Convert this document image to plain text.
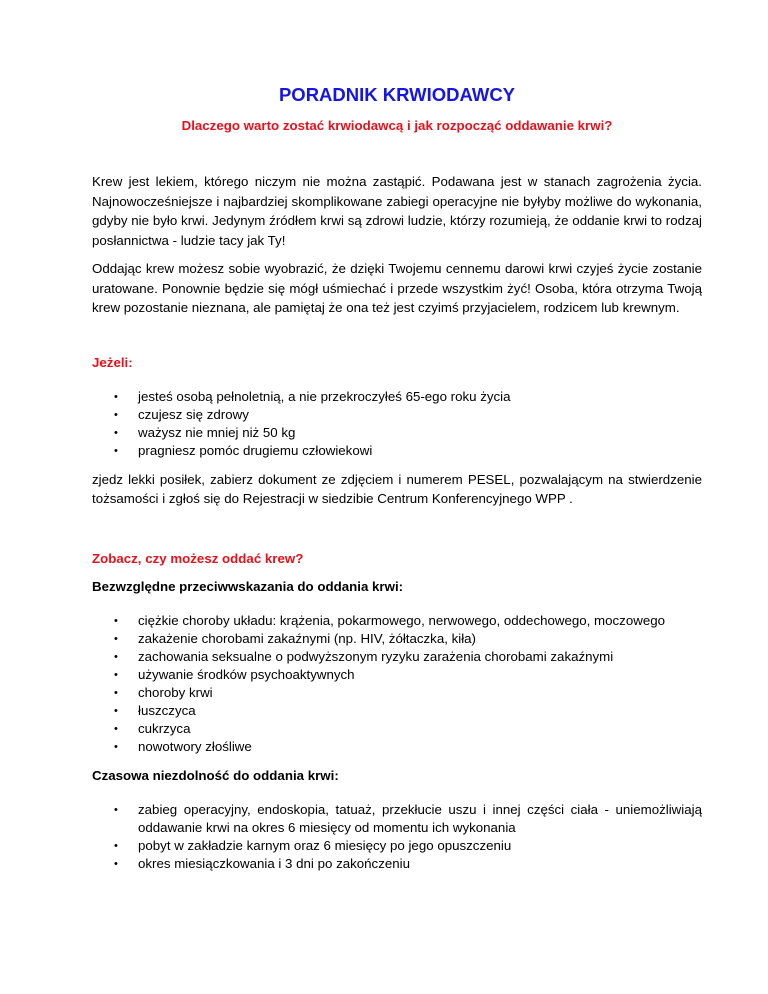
PORADNIK KRWIODAWCY
Dlaczego warto zostać krwiodawcą i jak rozpocząć oddawanie krwi?

Krew jest lekiem, którego niczym nie można zastąpić. Podawana jest w stanach zagrożenia życia. Najnowocześniejsze i najbardziej skomplikowane zabiegi operacyjne nie byłyby możliwe do wykonania, gdyby nie było krwi. Jedynym źródłem krwi są zdrowi ludzie, którzy rozumieją, że oddanie krwi to rodzaj posłannictwa - ludzie tacy jak Ty!

Oddając krew możesz sobie wyobrazić, że dzięki Twojemu cennemu darowi krwi czyjeś życie zostanie uratowane. Ponownie będzie się mógł uśmiechać i przede wszystkim żyć! Osoba, która otrzyma Twoją krew pozostanie nieznana, ale pamiętaj że ona też jest czyimś przyjacielem, rodzicem lub krewnym.

Jeżeli:

• jesteś osobą pełnoletnią, a nie przekroczyłeś 65-ego roku życia
• czujesz się zdrowy
• ważysz nie mniej niż 50 kg
• pragniesz pomóc drugiemu człowiekowi

zjedz lekki posiłek, zabierz dokument ze zdjęciem i numerem PESEL, pozwalającym na stwierdzenie tożsamości i zgłoś się do Rejestracji w siedzibie Centrum Konferencyjnego WPP .

Zobacz, czy możesz oddać krew?

Bezwzględne przeciwwskazania do oddania krwi:

• ciężkie choroby układu: krążenia, pokarmowego, nerwowego, oddechowego, moczowego
• zakażenie chorobami zakaźnymi (np. HIV, żółtaczka, kiła)
• zachowania seksualne o podwyższonym ryzyku zarażenia chorobami zakaźnymi
• używanie środków psychoaktywnych
• choroby krwi
• łuszczyca
• cukrzyca
• nowotwory złośliwe

Czasowa niezdolność do oddania krwi:

• zabieg operacyjny, endoskopia, tatuaż, przekłucie uszu i innej części ciała - uniemożliwiają oddawanie krwi na okres 6 miesięcy od momentu ich wykonania
• pobyt w zakładzie karnym oraz 6 miesięcy po jego opuszczeniu
• okres miesiączkowania i 3 dni po zakończeniu
